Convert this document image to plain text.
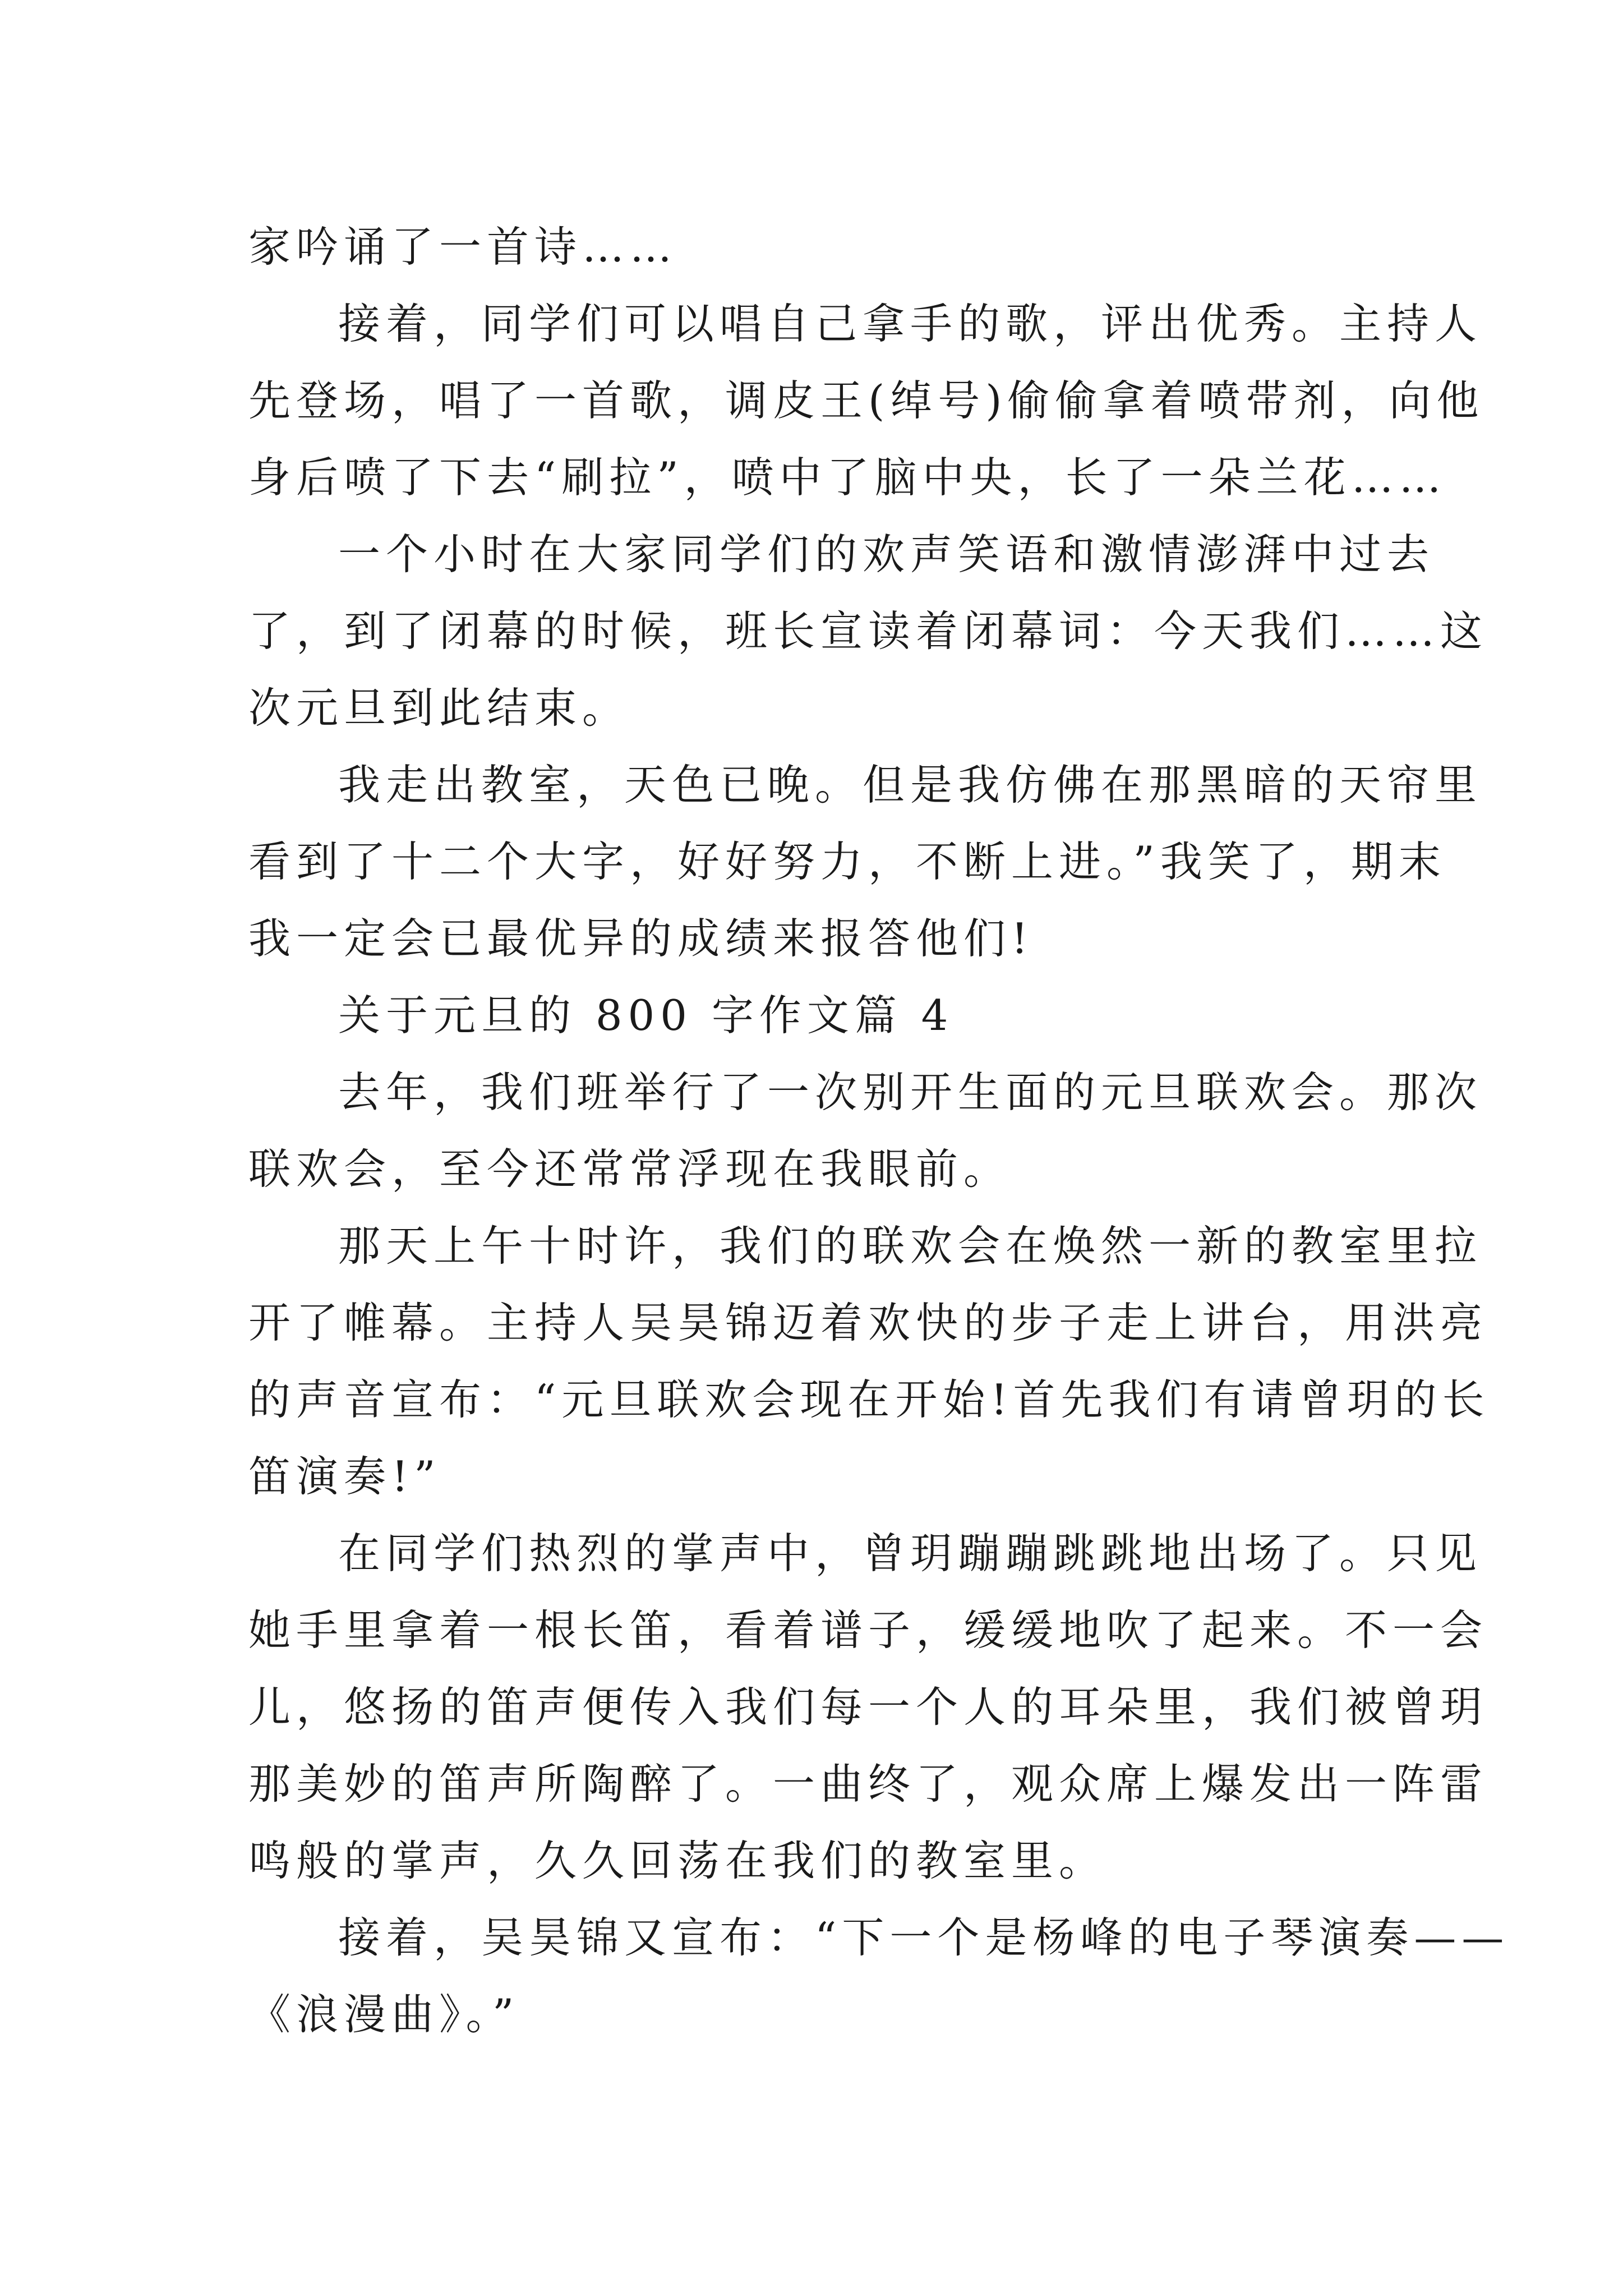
家吟诵了一首诗……
接着，同学们可以唱自己拿手的歌，评出优秀。主持人
先登场，唱了一首歌，调皮王(绰号)偷偷拿着喷带剂，向他
身后喷了下去“刷拉”，喷中了脑中央，长了一朵兰花……
一个小时在大家同学们的欢声笑语和激情澎湃中过去
了，到了闭幕的时候，班长宣读着闭幕词：今天我们……这
次元旦到此结束。
我走出教室，天色已晚。但是我仿佛在那黑暗的天帘里
看到了十二个大字，好好努力，不断上进。”我笑了，期末
我一定会已最优异的成绩来报答他们!
关于元旦的 800 字作文篇 4
去年，我们班举行了一次别开生面的元旦联欢会。那次
联欢会，至今还常常浮现在我眼前。
那天上午十时许，我们的联欢会在焕然一新的教室里拉
开了帷幕。主持人吴昊锦迈着欢快的步子走上讲台，用洪亮
的声音宣布：“元旦联欢会现在开始!首先我们有请曾玥的长
笛演奏!”
在同学们热烈的掌声中，曾玥蹦蹦跳跳地出场了。只见
她手里拿着一根长笛，看着谱子，缓缓地吹了起来。不一会
儿，悠扬的笛声便传入我们每一个人的耳朵里，我们被曾玥
那美妙的笛声所陶醉了。一曲终了，观众席上爆发出一阵雷
鸣般的掌声，久久回荡在我们的教室里。
接着，吴昊锦又宣布：“下一个是杨峰的电子琴演奏——
《浪漫曲》。”
